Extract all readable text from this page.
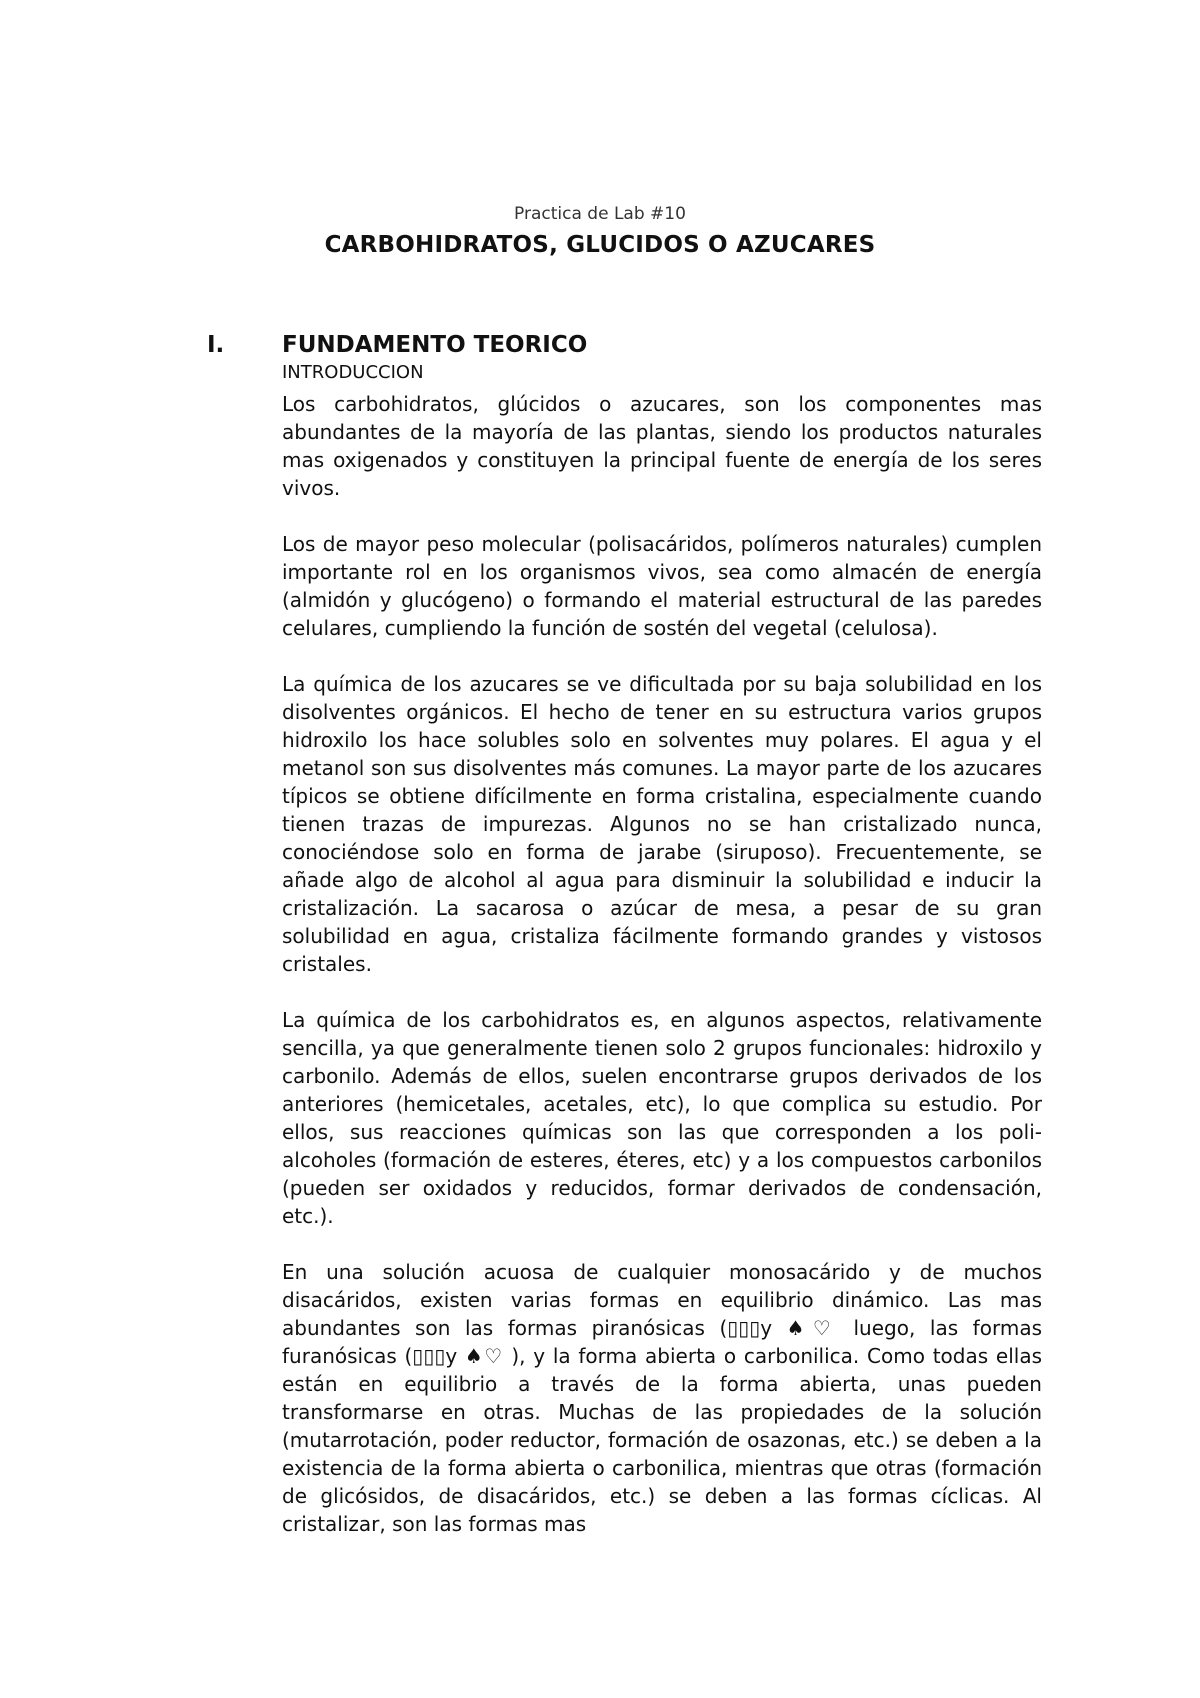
Practica de Lab #10
CARBOHIDRATOS, GLUCIDOS O AZUCARES
I.	FUNDAMENTO TEORICO
INTRODUCCION

Los carbohidratos, glúcidos o azucares, son los componentes mas abundantes de la mayoría de las plantas, siendo los productos naturales mas oxigenados y constituyen la principal fuente de energía de los seres vivos.

Los de mayor peso molecular (polisacáridos, polímeros naturales) cumplen importante rol en los organismos vivos, sea como almacén de energía (almidón y glucógeno) o formando el material estructural de las paredes celulares, cumpliendo la función de sostén del vegetal (celulosa).

La química de los azucares se ve dificultada por su baja solubilidad en los disolventes orgánicos. El hecho de tener en su estructura varios grupos hidroxilo los hace solubles solo en solventes muy polares. El agua y el metanol son sus disolventes más comunes. La mayor parte de los azucares típicos se obtiene difícilmente en forma cristalina, especialmente cuando tienen trazas de impurezas. Algunos no se han cristalizado nunca, conociéndose solo en forma de jarabe (siruposo). Frecuentemente, se añade algo de alcohol al agua para disminuir la solubilidad e inducir la cristalización. La sacarosa o azúcar de mesa, a pesar de su gran solubilidad en agua, cristaliza fácilmente formando grandes y vistosos cristales.

La química de los carbohidratos es, en algunos aspectos, relativamente sencilla, ya que generalmente tienen solo 2 grupos funcionales: hidroxilo y carbonilo. Además de ellos, suelen encontrarse grupos derivados de los anteriores (hemicetales, acetales, etc), lo que complica su estudio. Por ellos, sus reacciones químicas son las que corresponden a los poli-alcoholes (formación de esteres, éteres, etc) y a los compuestos carbonilos (pueden ser oxidados y reducidos, formar derivados de condensación, etc.).

En una solución acuosa de cualquier monosacárido y de muchos disacáridos, existen varias formas en equilibrio dinámico. Las mas abundantes son las formas piranósicas (▯▯▯y ♠♡ luego, las formas furanósicas (▯▯▯y ♠♡ ), y la forma abierta o carbonilica. Como todas ellas están en equilibrio a través de la forma abierta, unas pueden transformarse en otras. Muchas de las propiedades de la solución (mutarrotación, poder reductor, formación de osazonas, etc.) se deben a la existencia de la forma abierta o carbonilica, mientras que otras (formación de glicósidos, de disacáridos, etc.) se deben a las formas cíclicas. Al cristalizar, son las formas mas
